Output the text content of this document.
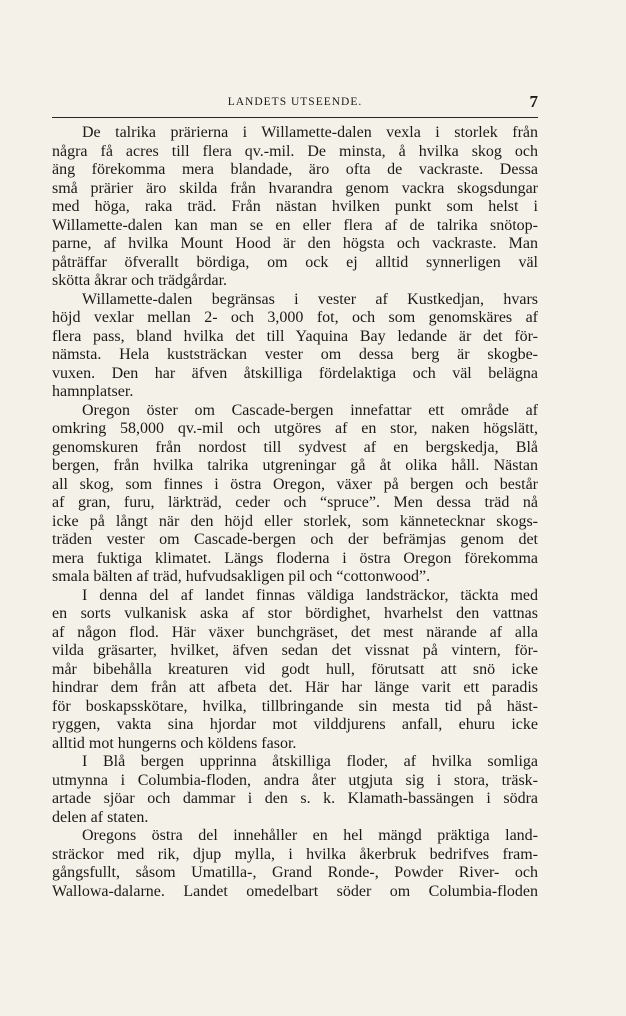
LANDETS UTSEENDE.	7
De talrika prärierna i Willamette-dalen vexla i storlek från
några få acres till flera qv.-mil. De minsta, å hvilka skog och
äng förekomma mera blandade, äro ofta de vackraste. Dessa
små prärier äro skilda från hvarandra genom vackra skogsdungar
med höga, raka träd. Från nästan hvilken punkt som helst i
Willamette-dalen kan man se en eller flera af de talrika snötop-
parne, af hvilka Mount Hood är den högsta och vackraste. Man
påträffar öfverallt bördiga, om ock ej alltid synnerligen väl
skötta åkrar och trädgårdar.
Willamette-dalen begränsas i vester af Kustkedjan, hvars
höjd vexlar mellan 2- och 3,000 fot, och som genomskäres af
flera pass, bland hvilka det till Yaquina Bay ledande är det för-
nämsta. Hela kuststräckan vester om dessa berg är skogbe-
vuxen. Den har äfven åtskilliga fördelaktiga och väl belägna
hamnplatser.
Oregon öster om Cascade-bergen innefattar ett område af
omkring 58,000 qv.-mil och utgöres af en stor, naken högslätt,
genomskuren från nordost till sydvest af en bergskedja, Blå
bergen, från hvilka talrika utgreningar gå åt olika håll. Nästan
all skog, som finnes i östra Oregon, växer på bergen och består
af gran, furu, lärkträd, ceder och “spruce”. Men dessa träd nå
icke på långt när den höjd eller storlek, som kännetecknar skogs-
träden vester om Cascade-bergen och der befrämjas genom det
mera fuktiga klimatet. Längs floderna i östra Oregon förekomma
smala bälten af träd, hufvudsakligen pil och “cottonwood”.
I denna del af landet finnas väldiga landsträckor, täckta med
en sorts vulkanisk aska af stor bördighet, hvarhelst den vattnas
af någon flod. Här växer bunchgräset, det mest närande af alla
vilda gräsarter, hvilket, äfven sedan det vissnat på vintern, för-
mår bibehålla kreaturen vid godt hull, förutsatt att snö icke
hindrar dem från att afbeta det. Här har länge varit ett paradis
för boskapsskötare, hvilka, tillbringande sin mesta tid på häst-
ryggen, vakta sina hjordar mot vilddjurens anfall, ehuru icke
alltid mot hungerns och köldens fasor.
I Blå bergen upprinna åtskilliga floder, af hvilka somliga
utmynna i Columbia-floden, andra åter utgjuta sig i stora, träsk-
artade sjöar och dammar i den s. k. Klamath-bassängen i södra
delen af staten.
Oregons östra del innehåller en hel mängd präktiga land-
sträckor med rik, djup mylla, i hvilka åkerbruk bedrifves fram-
gångsfullt, såsom Umatilla-, Grand Ronde-, Powder River- och
Wallowa-dalarne. Landet omedelbart söder om Columbia-floden
